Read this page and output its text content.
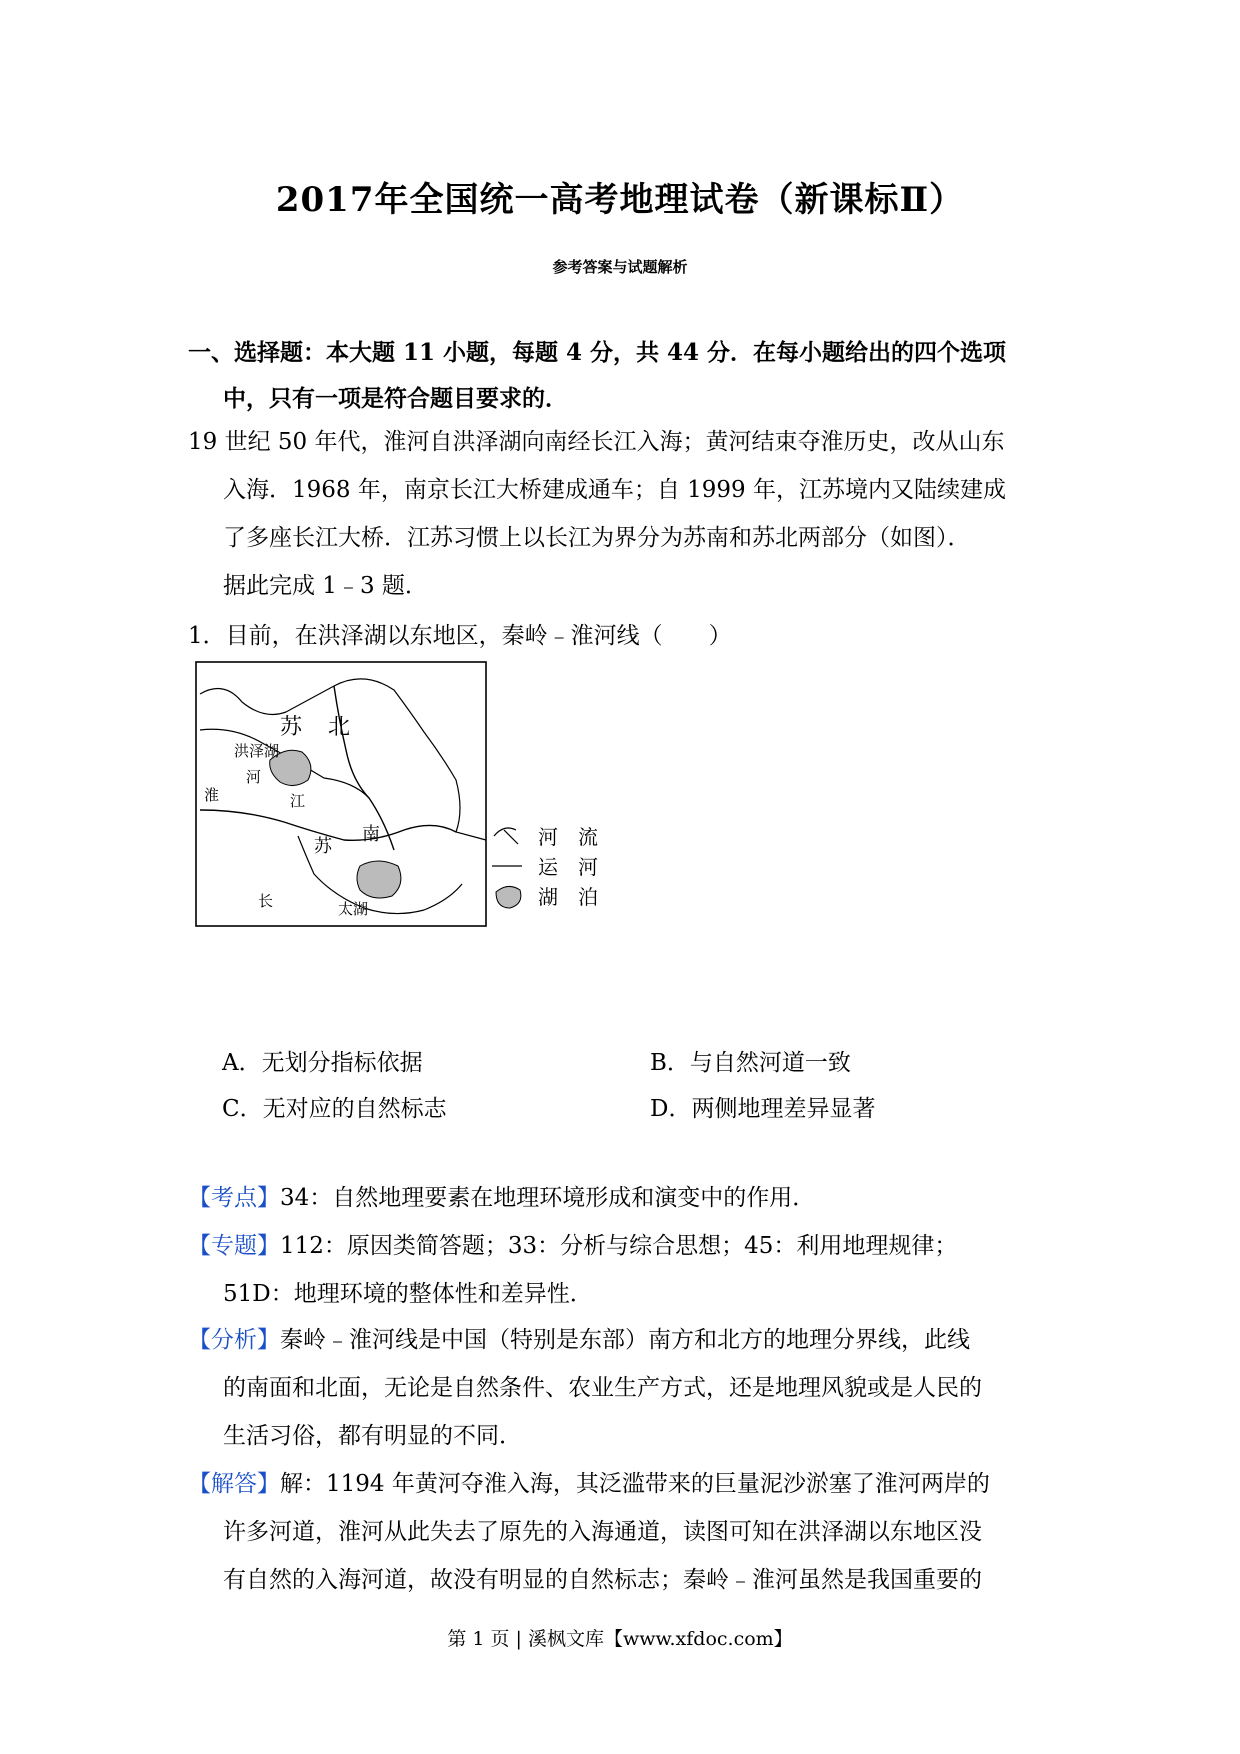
2017年全国统一高考地理试卷（新课标Ⅱ）
参考答案与试题解析
一、选择题：本大题 11 小题，每题 4 分，共 44 分．在每小题给出的四个选项
中，只有一项是符合题目要求的．
19 世纪 50 年代，淮河自洪泽湖向南经长江入海；黄河结束夺淮历史，改从山东
入海．1968 年，南京长江大桥建成通车；自 1999 年，江苏境内又陆续建成
了多座长江大桥．江苏习惯上以长江为界分为苏南和苏北两部分（如图）．
据此完成 1﹣3 题．
1．目前，在洪泽湖以东地区，秦岭﹣淮河线（　　）
苏 北
洪泽湖
河
淮	江
苏
南
长	太湖
河 流
运 河
湖 泊
A．无划分指标依据	B．与自然河道一致
C．无对应的自然标志	D．两侧地理差异显著
【考点】34：自然地理要素在地理环境形成和演变中的作用．
【专题】112：原因类简答题；33：分析与综合思想；45：利用地理规律；
51D：地理环境的整体性和差异性．
【分析】秦岭﹣淮河线是中国（特别是东部）南方和北方的地理分界线，此线
的南面和北面，无论是自然条件、农业生产方式，还是地理风貌或是人民的
生活习俗，都有明显的不同．
【解答】解：1194 年黄河夺淮入海，其泛滥带来的巨量泥沙淤塞了淮河两岸的
许多河道，淮河从此失去了原先的入海通道，读图可知在洪泽湖以东地区没
有自然的入海河道，故没有明显的自然标志；秦岭﹣淮河虽然是我国重要的
第 1 页 | 溪枫文库【www.xfdoc.com】
